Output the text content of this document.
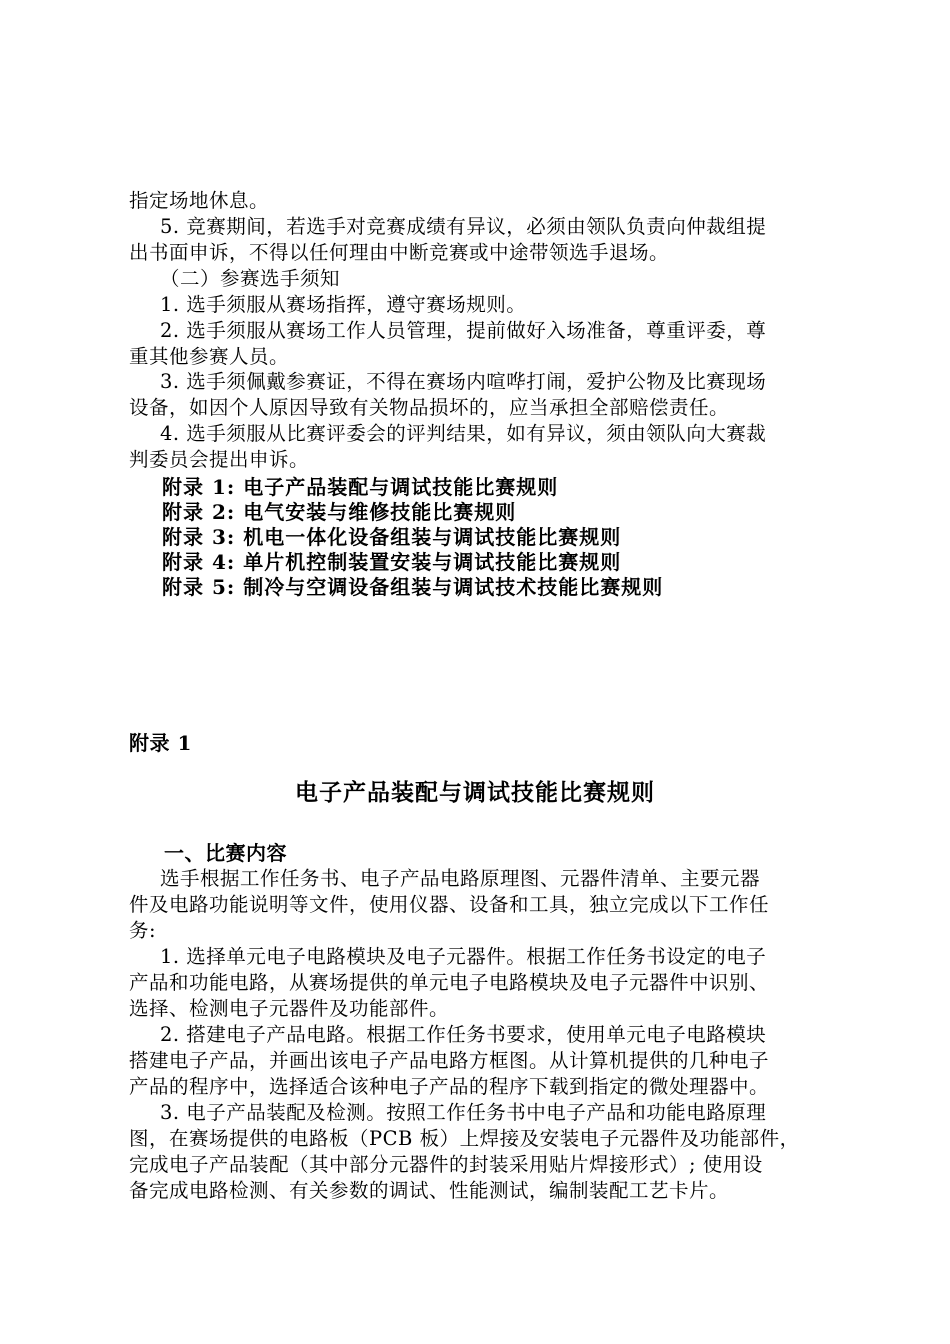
指定场地休息。
5. 竞赛期间，若选手对竞赛成绩有异议，必须由领队负责向仲裁组提
出书面申诉，不得以任何理由中断竞赛或中途带领选手退场。
（二）参赛选手须知
1. 选手须服从赛场指挥，遵守赛场规则。
2. 选手须服从赛场工作人员管理，提前做好入场准备，尊重评委，尊
重其他参赛人员。
3. 选手须佩戴参赛证，不得在赛场内喧哗打闹，爱护公物及比赛现场
设备，如因个人原因导致有关物品损坏的，应当承担全部赔偿责任。
4. 选手须服从比赛评委会的评判结果，如有异议，须由领队向大赛裁
判委员会提出申诉。
附录 1: 电子产品装配与调试技能比赛规则
附录 2: 电气安装与维修技能比赛规则
附录 3: 机电一体化设备组装与调试技能比赛规则
附录 4: 单片机控制装置安装与调试技能比赛规则
附录 5: 制冷与空调设备组装与调试技术技能比赛规则
附录 1
电子产品装配与调试技能比赛规则
一、比赛内容
选手根据工作任务书、电子产品电路原理图、元器件清单、主要元器
件及电路功能说明等文件，使用仪器、设备和工具，独立完成以下工作任
务:
1. 选择单元电子电路模块及电子元器件。根据工作任务书设定的电子
产品和功能电路，从赛场提供的单元电子电路模块及电子元器件中识别、
选择、检测电子元器件及功能部件。
2. 搭建电子产品电路。根据工作任务书要求，使用单元电子电路模块
搭建电子产品，并画出该电子产品电路方框图。从计算机提供的几种电子
产品的程序中，选择适合该种电子产品的程序下载到指定的微处理器中。
3. 电子产品装配及检测。按照工作任务书中电子产品和功能电路原理
图，在赛场提供的电路板（PCB 板）上焊接及安装电子元器件及功能部件，
完成电子产品装配（其中部分元器件的封装采用贴片焊接形式）; 使用设
备完成电路检测、有关参数的调试、性能测试，编制装配工艺卡片。
